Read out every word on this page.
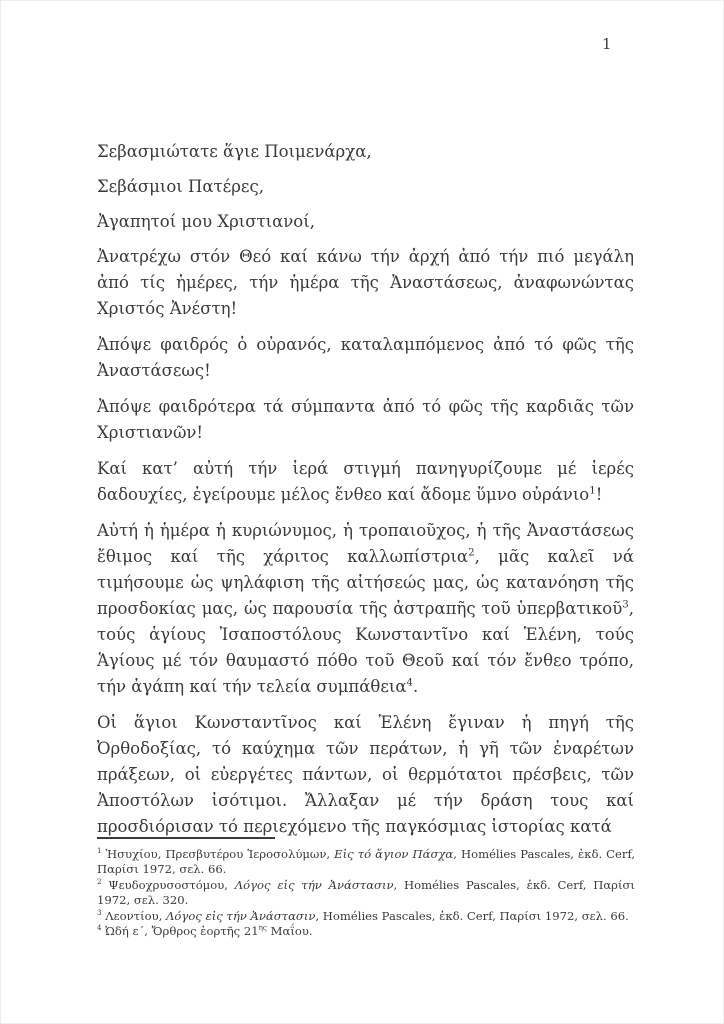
1

Σεβασμιώτατε ἅγιε Ποιμενάρχα,

Σεβάσμιοι Πατέρες,

Ἀγαπητοί μου Χριστιανοί,

Ἀνατρέχω στόν Θεό καί κάνω τήν ἀρχή ἀπό τήν πιό μεγάλη ἀπό τίς ἡμέρες, τήν ἡμέρα τῆς Ἀναστάσεως, ἀναφωνώντας Χριστός Ἀνέστη!

Ἀπόψε φαιδρός ὁ οὐρανός, καταλαμπόμενος ἀπό τό φῶς τῆς Ἀναστάσεως!

Ἀπόψε φαιδρότερα τά σύμπαντα ἀπό τό φῶς τῆς καρδιᾶς τῶν Χριστιανῶν!

Καί κατ’ αὐτή τήν ἱερά στιγμή πανηγυρίζουμε μέ ἱερές δαδουχίες, ἐγείρουμε μέλος ἔνθεο καί ἄδομε ὕμνο οὐράνιο$^1$!

Αὐτή ἡ ἡμέρα ἡ κυριώνυμος, ἡ τροπαιοῦχος, ἡ τῆς Ἀναστάσεως ἔθιμος καί τῆς χάριτος καλλωπίστρια$^2$, μᾶς καλεῖ νά τιμήσουμε ὡς ψηλάφιση τῆς αἰτήσεώς μας, ὡς κατανόηση τῆς προσδοκίας μας, ὡς παρουσία τῆς ἀστραπῆς τοῦ ὑπερβατικοῦ$^3$, τούς ἁγίους Ἰσαποστόλους Κωνσταντῖνο καί Ἑλένη, τούς Ἁγίους μέ τόν θαυμαστό πόθο τοῦ Θεοῦ καί τόν ἔνθεο τρόπο, τήν ἀγάπη καί τήν τελεία συμπάθεια$^4$.

Οἱ ἅγιοι Κωνσταντῖνος καί Ἑλένη ἔγιναν ἡ πηγή τῆς Ὀρθοδοξίας, τό καύχημα τῶν περάτων, ἡ γῆ τῶν ἐναρέτων πράξεων, οἱ εὐεργέτες πάντων, οἱ θερμότατοι πρέσβεις, τῶν Ἀποστόλων ἰσότιμοι. Ἄλλαξαν μέ τήν δράση τους καί προσδιόρισαν τό περιεχόμενο τῆς παγκόσμιας ἱστορίας κατά

$^1$ Ἡσυχίου, Πρεσβυτέρου Ἱεροσολύμων, Εἰς τό ἅγιον Πάσχα, Homélies Pascales, ἐκδ. Cerf, Παρίσι 1972, σελ. 66.

$^2$ Ψευδοχρυσοστόμου, Λόγος εἰς τήν Ἀνάστασιν, Homélies Pascales, ἐκδ. Cerf, Παρίσι 1972, σελ. 320.

$^3$ Λεοντίου, Λόγος εἰς τήν Ἀνάστασιν, Homélies Pascales, ἐκδ. Cerf, Παρίσι 1972, σελ. 66.

$^4$ Ὠδή ε΄, Ὄρθρος ἑορτῆς $21^{\eta\varsigma}$ Μαΐου.
